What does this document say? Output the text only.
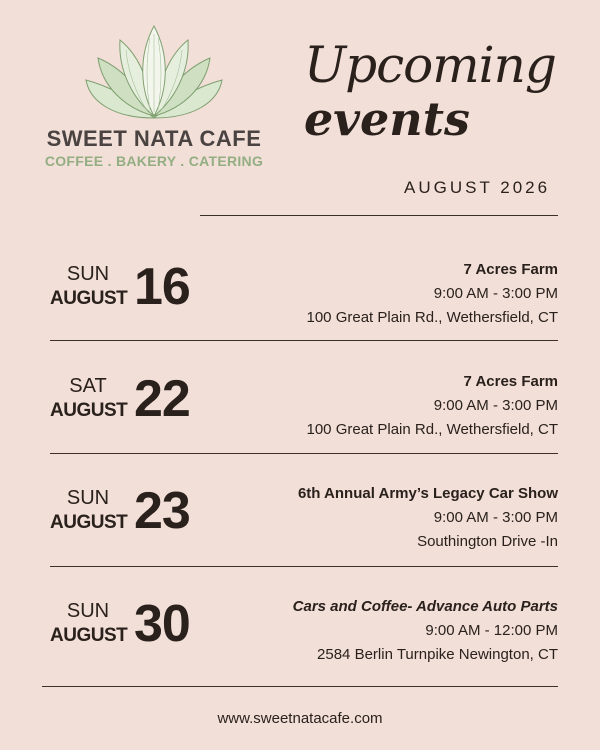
SWEET NATA CAFE
COFFEE . BAKERY . CATERING
Upcoming
events
AUGUST 2026
SUN
AUGUST 16	7 Acres Farm
9:00 AM - 3:00 PM
100 Great Plain Rd., Wethersfield, CT
SAT
AUGUST 22	7 Acres Farm
9:00 AM - 3:00 PM
100 Great Plain Rd., Wethersfield, CT
SUN
AUGUST 23	6th Annual Army’s Legacy Car Show
9:00 AM - 3:00 PM
Southington Drive -In
SUN
AUGUST 30	Cars and Coffee- Advance Auto Parts
9:00 AM - 12:00 PM
2584 Berlin Turnpike Newington, CT
www.sweetnatacafe.com
